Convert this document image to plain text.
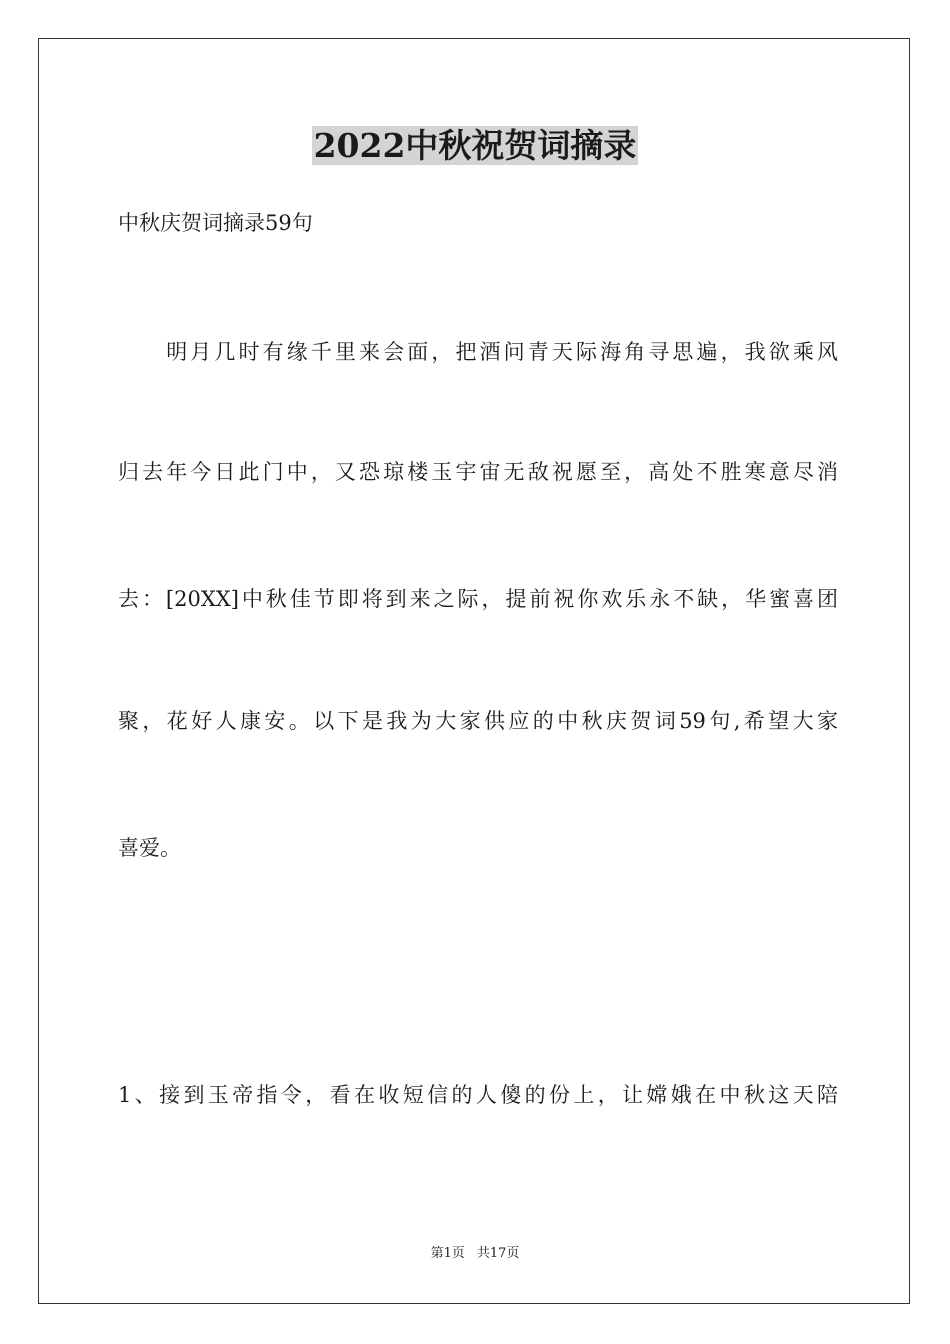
2022中秋祝贺词摘录
中秋庆贺词摘录59句
　　明月几时有缘千里来会面，把酒问青天际海角寻思遍，我欲乘风
归去年今日此门中，又恐琼楼玉宇宙无敌祝愿至，高处不胜寒意尽消
去：[20XX]中秋佳节即将到来之际，提前祝你欢乐永不缺，华蜜喜团
聚，花好人康安。以下是我为大家供应的中秋庆贺词59句,希望大家
喜爱。
1、接到玉帝指令，看在收短信的人傻的份上，让嫦娥在中秋这天陪
第1页 共17页
